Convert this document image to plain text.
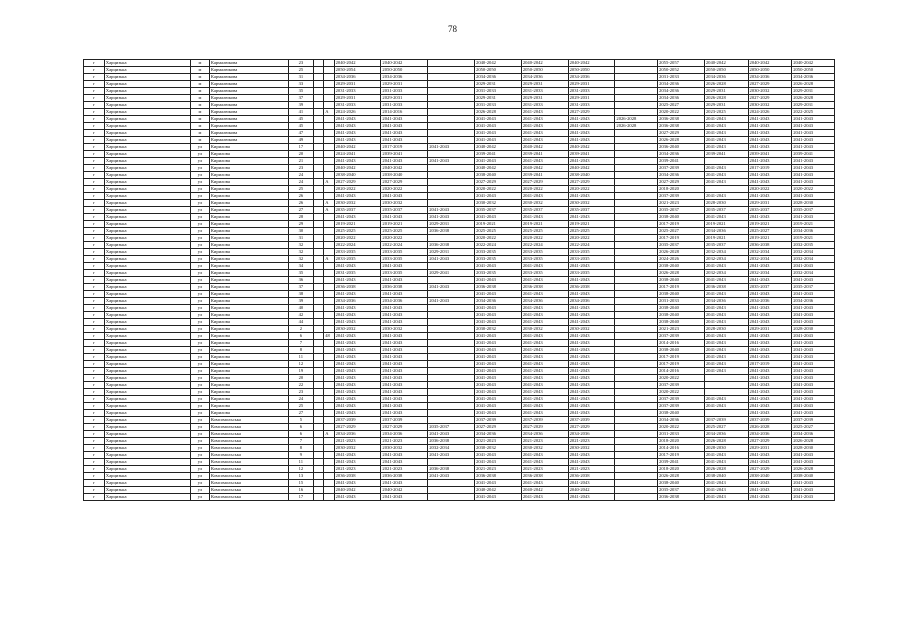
78
г	Харцизька	м	Кармалюкова	23			2040-2042	2040-2042		2040-2042	2040-2042	2040-2042		2055-2057	2040-2042	2040-2042	2040-2042
г	Харцизька	м	Кармалюкова	25			2050-2054	2050-2050		2050-2050	2050-2050	2050-2050		2050-2052	2050-2050	2050-2050	2050-2050
г	Харцизька	м	Кармалюкова	31			2034-2036	2034-2036		2034-2036	2034-2036	2034-2036		2031-2033	2034-2036	2034-2036	2034-2036
г	Харцизька	м	Кармалюкова	33			2029-2031	2029-2031		2029-2031	2029-2031	2029-2031		2034-2036	2026-2028	2027-2029	2026-2028
г	Харцизька	м	Кармалюкова	35			2031-2033	2031-2033		2031-2033	2031-2033	2031-2033		2034-2036	2029-2031	2030-2032	2029-2031
г	Харцизька	м	Кармалюкова	37			2029-2031	2029-2031		2029-2031	2029-2031	2029-2031		2034-2036	2026-2028	2027-2029	2026-2028
г	Харцизька	м	Кармалюкова	39			2031-2033	2031-2033		2031-2033	2031-2033	2031-2033		2025-2027	2029-2031	2030-2032	2029-2031
г	Харцизька	м	Кармалюкова	41		А	2024-2026	2014-2016		2026-2028	2041-2043	2027-2029		2020-2022	2023-2025	2024-2026	2022-2025
г	Харцизька	м	Кармалюкова	45			2041-2043	2041-2043		2041-2043	2041-2043	2041-2043	2026-2028	2036-2038	2041-2043	2041-2043	2041-2043
г	Харцизька	м	Кармалюкова	45			2041-2043	2041-2043		2041-2043	2041-2043	2041-2043	2026-2028	2036-2038	2041-2043	2041-2043	2041-2043
г	Харцизька	м	Кармалюкова	47			2041-2043	2041-2043		2041-2043	2041-2043	2041-2043		2027-2029	2041-2043	2041-2043	2041-2043
г	Харцизька	м	Кармалюкова	49			2041-2043	2041-2043		2041-2043	2041-2043	2041-2043		2026-2028	2041-2043	2041-2043	2041-2043
г	Харцизька	ул	Кирилова	17			2040-2042	2017-2019	2041-2043	2040-2042	2040-2042	2040-2042		2036-2040	2041-2043	2041-2043	2041-2043
г	Харцизька	ул	Кирилова	20			2024-2041	2039-2041		2039-2041	2039-2041	2039-2041		2034-2036	2039-2041	2039-2041	2039-2041
г	Харцизька	ул	Кирилова	21			2041-2043	2041-2043	2041-2043	2041-2043	2041-2043	2041-2043		2039-2041		2041-2043	2041-2043
г	Харцизька	ул	Кирилова	23			2040-2042	2040-2042		2040-2042	2040-2042	2040-2042		2037-2039	2041-2043	2017-2019	2041-2043
г	Харцизька	ул	Кирилова	24			2038-2040	2038-2040		2038-2040	2039-2041	2038-2040		2034-2036	2041-2043	2041-2043	2041-2043
г	Харцизька	ул	Кирилова	24		А	2027-2029	2027-2029		2027-2029	2027-2029	2027-2029		2027-2029	2041-2043	2041-2043	2041-2043
г	Харцизька	ул	Кирилова	25			2020-2022	2020-2022		2020-2022	2020-2022	2020-2022		2018-2020		2020-2022	2020-2022
г	Харцизька	ул	Кирилова	26			2041-2043	2041-2043		2041-2043	2041-2043	2041-2043		2037-2039	2041-2043	2041-2043	2041-2043
г	Харцизька	ул	Кирилова	26		А	2030-2032	2030-2032		2030-2032	2030-2032	2030-2032		2021-2023	2028-2030	2029-2031	2028-2030
г	Харцизька	ул	Кирилова	27		А	2035-2037	2035-2037	2041-2043	2035-2037	2035-2037	2035-2037		2035-2037	2035-2037	2035-2037	2035-2037
г	Харцизька	ул	Кирилова	28			2041-2043	2041-2043	2041-2043	2041-2043	2041-2043	2041-2043		2038-2040	2041-2043	2041-2043	2041-2043
г	Харцизька	ул	Кирилова	29			2019-2021	2019-2021	2029-2031	2019-2021	2019-2021	2019-2021		2017-2019	2019-2021	2019-2021	2019-2021
г	Харцизька	ул	Кирилова	30			2025-2025	2025-2025	2036-2038	2025-2025	2025-2025	2025-2025		2025-2027	2034-2036	2025-2027	2034-2036
г	Харцизька	ул	Кирилова	31			2020-2022	2020-2022		2020-2022	2020-2022	2020-2022		2017-2019	2019-2021	2019-2021	2019-2021
г	Харцизька	ул	Кирилова	32			2022-2024	2022-2024	2036-2038	2022-2024	2022-2024	2022-2024		2035-2037	2035-2037	2036-2038	2032-2035
г	Харцизька	ул	Кирилова	32			2033-2035	2033-2035	2029-2031	2033-2035	2033-2035	2033-2035		2026-2028	2032-2034	2032-2034	2032-2034
г	Харцизька	ул	Кирилова	32		А	2033-2035	2033-2035	2041-2043	2033-2035	2033-2035	2033-2035		2024-2026	2032-2034	2032-2034	2032-2034
г	Харцизька	ул	Кирилова	34			2041-2043	2041-2043		2041-2043	2041-2043	2041-2043		2038-2040	2041-2043	2041-2043	2041-2043
г	Харцизька	ул	Кирилова	35			2031-2035	2033-2035	2029-2041	2033-2035	2033-2035	2033-2035		2026-2028	2032-2034	2032-2034	2032-2034
г	Харцизька	ул	Кирилова	36			2041-2043	2041-2043		2041-2043	2041-2043	2041-2043		2038-2040	2041-2043	2041-2043	2041-2043
г	Харцизька	ул	Кирилова	37			2036-2038	2036-2038	2041-2043	2036-2038	2036-2038	2036-2038		2017-2019	2036-2038	2035-2037	2035-2037
г	Харцизька	ул	Кирилова	38			2041-2043	2041-2043		2041-2043	2041-2043	2041-2043		2038-2040	2041-2043	2041-2043	2041-2043
г	Харцизька	ул	Кирилова	39			2034-2036	2034-2036	2041-2043	2034-2036	2034-2036	2034-2036		2031-2033	2034-2036	2034-2036	2034-2036
г	Харцизька	ул	Кирилова	40			2041-2043	2041-2043		2041-2043	2041-2043	2041-2043		2038-2040	2041-2043	2041-2043	2041-2043
г	Харцизька	ул	Кирилова	42			2041-2043	2041-2043		2041-2043	2041-2043	2041-2043		2038-2040	2041-2043	2041-2043	2041-2043
г	Харцизька	ул	Кирилова	44			2041-2043	2041-2043		2041-2043	2041-2043	2041-2043		2038-2040	2041-2043	2041-2043	2041-2043
г	Харцизька	ул	Кирилова	2			2030-2032	2030-2032		2030-2032	2030-2032	2030-2032		2021-2023	2028-2030	2029-2031	2028-2030
г	Харцизька	ул	Кирилова	6		48	2041-2043	2041-2043		2041-2043	2041-2043	2041-2043		2037-2039	2041-2043	2041-2043	2041-2043
г	Харцизька	ул	Кирилова	7			2041-2043	2041-2043		2041-2043	2041-2043	2041-2043		2014-2016	2041-2043	2041-2043	2041-2043
г	Харцизька	ул	Кирилова	8			2041-2043	2041-2043		2041-2043	2041-2043	2041-2043		2038-2040	2041-2043	2041-2043	2041-2043
г	Харцизька	ул	Кирилова	11			2041-2043	2041-2043		2041-2043	2041-2043	2041-2043		2017-2019	2041-2043	2041-2043	2041-2043
г	Харцизька	ул	Кирилова	12			2041-2043	2041-2043		2041-2043	2041-2043	2041-2043		2017-2019	2041-2043	2017-2019	2041-2043
г	Харцизька	ул	Кирилова	19			2041-2043	2041-2043		2041-2043	2041-2043	2041-2043		2014-2016	2041-2043	2041-2043	2041-2043
г	Харцизька	ул	Кирилова	20			2041-2043	2041-2043		2041-2043	2041-2043	2041-2043		2020-2022		2041-2043	2041-2043
г	Харцизька	ул	Кирилова	22			2041-2043	2041-2043		2041-2043	2041-2043	2041-2043		2037-2039		2041-2043	2041-2043
г	Харцизька	ул	Кирилова	23			2041-2043	2041-2043		2041-2043	2041-2043	2041-2043		2020-2022		2041-2043	2041-2043
г	Харцизька	ул	Кирилова	24			2041-2043	2041-2043		2041-2043	2041-2043	2041-2043		2037-2039	2041-2043	2041-2043	2041-2043
г	Харцизька	ул	Кирилова	25			2041-2043	2041-2043		2041-2043	2041-2043	2041-2043		2037-2039	2041-2043	2041-2043	2041-2043
г	Харцизька	ул	Кирилова	27			2041-2043	2041-2043		2041-2043	2041-2043	2041-2043		2038-2040		2041-2043	2041-2043
г	Харцизька	ул	Комсомольська	5			2037-2039	2037-2039		2037-2039	2037-2039	2037-2039		2034-2036	2037-2039	2037-2039	2037-2039
г	Харцизька	ул	Комсомольська	6			2027-2029	2027-2029	2035-2037	2027-2029	2027-2029	2027-2029		2020-2022	2025-2027	2026-2028	2025-2027
г	Харцизька	ул	Комсомольська	6		А	2034-2036	2034-2036	2041-2043	2034-2036	2034-2036	2034-2036		2031-2033	2034-2036	2034-2036	2034-2036
г	Харцизька	ул	Комсомольська	7			2021-2023	2021-2023	2036-2038	2021-2023	2021-2023	2021-2023		2018-2020	2026-2028	2027-2029	2026-2028
г	Харцизька	ул	Комсомольська	8			2030-2032	2030-2032	2032-2034	2030-2032	2030-2032	2030-2032		2014-2016	2028-2030	2029-2031	2028-2030
г	Харцизька	ул	Комсомольська	9			2041-2043	2041-2043	2041-2043	2041-2043	2041-2043	2041-2043		2017-2019	2041-2043	2041-2043	2041-2043
г	Харцизька	ул	Комсомольська	11			2041-2043	2041-2043		2041-2043	2041-2043	2041-2043		2039-2041	2041-2043	2041-2043	2041-2043
г	Харцизька	ул	Комсомольська	12			2021-2023	2021-2023	2036-2038	2021-2023	2021-2023	2021-2023		2018-2020	2026-2028	2027-2029	2026-2028
г	Харцизька	ул	Комсомольська	13			2036-2038	2036-2038	2041-2043	2036-2038	2036-2038	2036-2038		2026-2028	2038-2040	2038-2040	2038-2040
г	Харцизька	ул	Комсомольська	15			2041-2043	2041-2043		2041-2043	2041-2043	2041-2043		2038-2040	2041-2043	2041-2043	2041-2043
г	Харцизька	ул	Комсомольська	16			2040-2042	2040-2042		2040-2042	2040-2042	2040-2042		2035-2037	2041-2043	2041-2043	2041-2043
г	Харцизька	ул	Комсомольська	17			2041-2043	2041-2043		2041-2043	2041-2043	2041-2043		2036-2038	2041-2043	2041-2043	2041-2043
